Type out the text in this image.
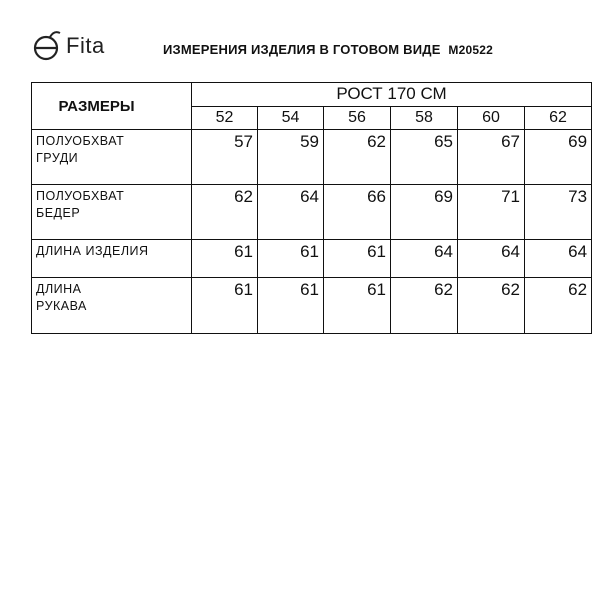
Fita	ИЗМЕРЕНИЯ ИЗДЕЛИЯ В ГОТОВОМ ВИДЕ M20522
РАЗМЕРЫ	РОСТ 170 СМ					
	52	54	56	58	60	62

ПОЛУОБХВАТ
ГРУДИ	57	59	62	65	67	69

ПОЛУОБХВАТ
БЕДЕР	62	64	66	69	71	73

ДЛИНА ИЗДЕЛИЯ	61	61	61	64	64	64

ДЛИНА
РУКАВА	61	61	61	62	62	62
